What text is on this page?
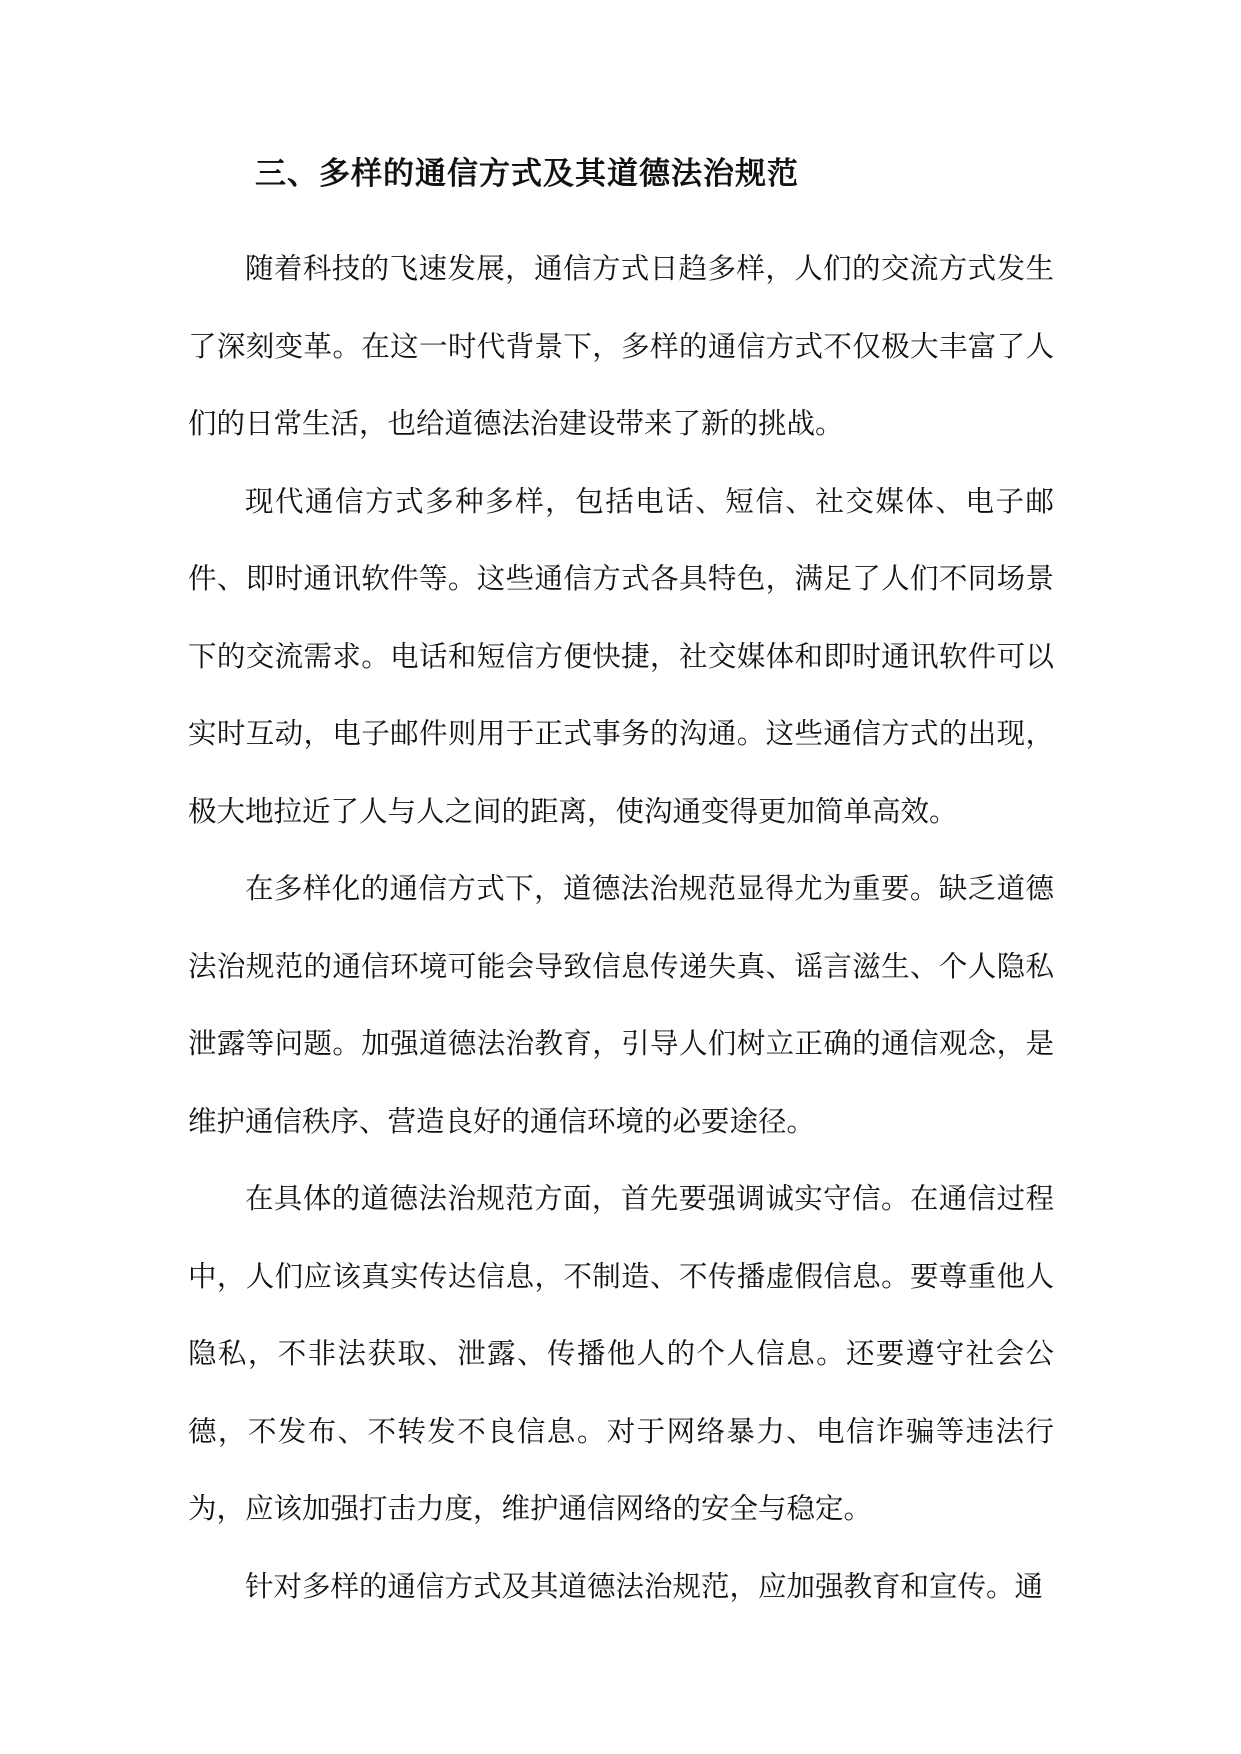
三、多样的通信方式及其道德法治规范

随着科技的飞速发展，通信方式日趋多样，人们的交流方式发生了深刻变革。在这一时代背景下，多样的通信方式不仅极大丰富了人们的日常生活，也给道德法治建设带来了新的挑战。

现代通信方式多种多样，包括电话、短信、社交媒体、电子邮件、即时通讯软件等。这些通信方式各具特色，满足了人们不同场景下的交流需求。电话和短信方便快捷，社交媒体和即时通讯软件可以实时互动，电子邮件则用于正式事务的沟通。这些通信方式的出现，极大地拉近了人与人之间的距离，使沟通变得更加简单高效。

在多样化的通信方式下，道德法治规范显得尤为重要。缺乏道德法治规范的通信环境可能会导致信息传递失真、谣言滋生、个人隐私泄露等问题。加强道德法治教育，引导人们树立正确的通信观念，是维护通信秩序、营造良好的通信环境的必要途径。

在具体的道德法治规范方面，首先要强调诚实守信。在通信过程中，人们应该真实传达信息，不制造、不传播虚假信息。要尊重他人隐私，不非法获取、泄露、传播他人的个人信息。还要遵守社会公德，不发布、不转发不良信息。对于网络暴力、电信诈骗等违法行为，应该加强打击力度，维护通信网络的安全与稳定。

针对多样的通信方式及其道德法治规范，应加强教育和宣传。通
